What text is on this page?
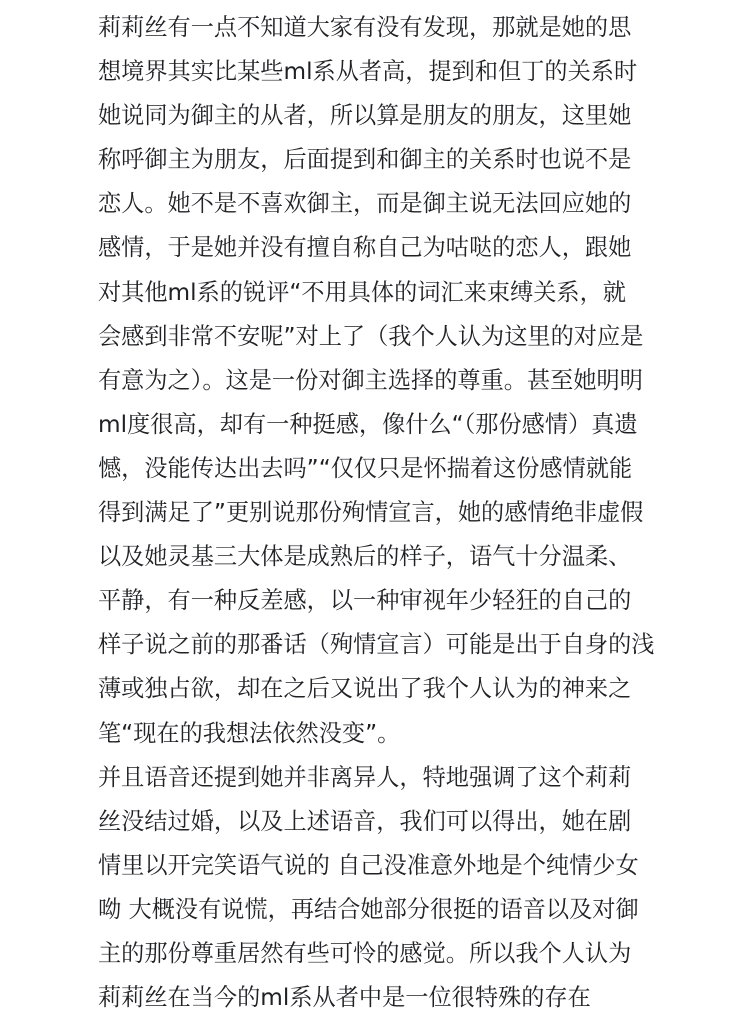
莉莉丝有一点不知道大家有没有发现，那就是她的思
想境界其实比某些ml系从者高，提到和但丁的关系时
她说同为御主的从者，所以算是朋友的朋友，这里她
称呼御主为朋友，后面提到和御主的关系时也说不是
恋人。她不是不喜欢御主，而是御主说无法回应她的
感情，于是她并没有擅自称自己为咕哒的恋人，跟她
对其他ml系的锐评“不用具体的词汇来束缚关系，就
会感到非常不安呢”对上了（我个人认为这里的对应是
有意为之）。这是一份对御主选择的尊重。甚至她明明
ml度很高，却有一种挺感，像什么“（那份感情）真遗
憾，没能传达出去吗”“仅仅只是怀揣着这份感情就能
得到满足了”更别说那份殉情宣言，她的感情绝非虚假
以及她灵基三大体是成熟后的样子，语气十分温柔、
平静，有一种反差感，以一种审视年少轻狂的自己的
样子说之前的那番话（殉情宣言）可能是出于自身的浅
薄或独占欲，却在之后又说出了我个人认为的神来之
笔“现在的我想法依然没变”。
并且语音还提到她并非离异人，特地强调了这个莉莉
丝没结过婚，以及上述语音，我们可以得出，她在剧
情里以开完笑语气说的 自己没准意外地是个纯情少女
呦 大概没有说慌，再结合她部分很挺的语音以及对御
主的那份尊重居然有些可怜的感觉。所以我个人认为
莉莉丝在当今的ml系从者中是一位很特殊的存在
